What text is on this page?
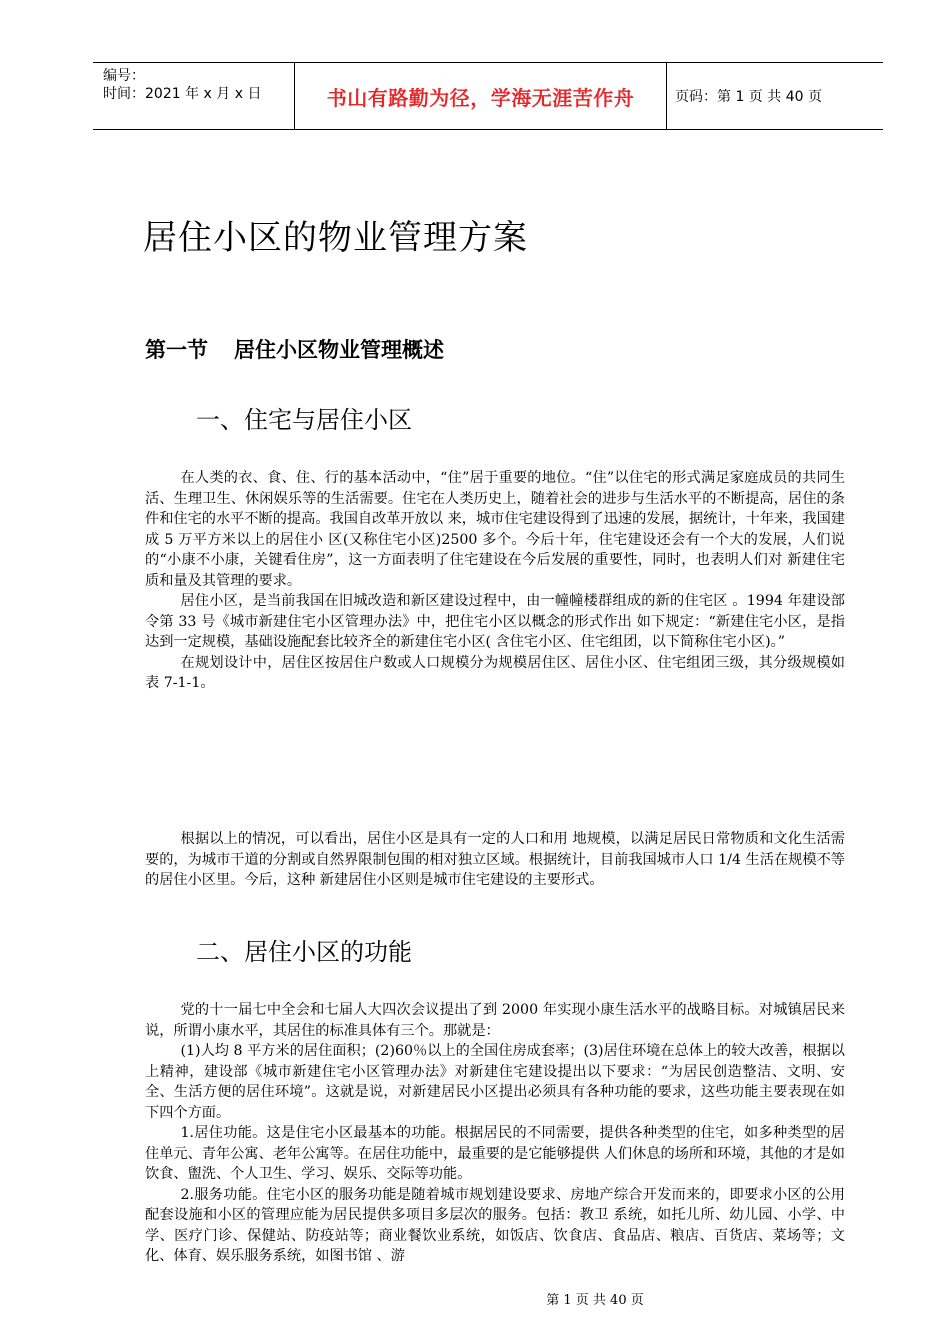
编号：
时间：2021 年 x 月 x 日	书山有路勤为径，学海无涯苦作舟	页码：第 1 页 共 40 页
居住小区的物业管理方案
第一节 居住小区物业管理概述
一、住宅与居住小区

在人类的衣、食、住、行的基本活动中，“住”居于重要的地位。“住”以住宅的形式满足家庭成员的共同生活、生理卫生、休闲娱乐等的生活需要。住宅在人类历史上，随着社会的进步与生活水平的不断提高，居住的条件和住宅的水平不断的提高。我国自改革开放以 来，城市住宅建设得到了迅速的发展，据统计，十年来，我国建成 5 万平方米以上的居住小 区(又称住宅小区)2500 多个。今后十年，住宅建设还会有一个大的发展，人们说的“小康不小康，关键看住房”，这一方面表明了住宅建设在今后发展的重要性，同时，也表明人们对 新建住宅质和量及其管理的要求。

居住小区，是当前我国在旧城改造和新区建设过程中，由一幢幢楼群组成的新的住宅区 。1994 年建设部令第 33 号《城市新建住宅小区管理办法》中，把住宅小区以概念的形式作出 如下规定：“新建住宅小区，是指达到一定规模，基础设施配套比较齐全的新建住宅小区( 含住宅小区、住宅组团，以下简称住宅小区)。”

在规划设计中，居住区按居住户数或人口规模分为规模居住区、居住小区、住宅组团三级，其分级规模如表 7-1-1。

根据以上的情况，可以看出，居住小区是具有一定的人口和用 地规模，以满足居民日常物质和文化生活需要的，为城市干道的分割或自然界限制包围的相对独立区域。根据统计，目前我国城市人口 1/4 生活在规模不等的居住小区里。今后，这种 新建居住小区则是城市住宅建设的主要形式。

二、居住小区的功能

党的十一届七中全会和七届人大四次会议提出了到 2000 年实现小康生活水平的战略目标。对城镇居民来说，所谓小康水平，其居住的标准具体有三个。那就是：

(1)人均 8 平方米的居住面积；(2)60％以上的全国住房成套率；(3)居住环境在总体上的较大改善，根据以上精神，建设部《城市新建住宅小区管理办法》对新建住宅建设提出以下要求：“为居民创造整洁、文明、安全、生活方便的居住环境”。这就是说，对新建居民小区提出必须具有各种功能的要求，这些功能主要表现在如下四个方面。

1.居住功能。这是住宅小区最基本的功能。根据居民的不同需要，提供各种类型的住宅，如多种类型的居住单元、青年公寓、老年公寓等。在居住功能中，最重要的是它能够提供 人们休息的场所和环境，其他的才是如饮食、盥洗、个人卫生、学习、娱乐、交际等功能。

2.服务功能。住宅小区的服务功能是随着城市规划建设要求、房地产综合开发而来的，即要求小区的公用配套设施和小区的管理应能为居民提供多项目多层次的服务。包括：教卫 系统，如托儿所、幼儿园、小学、中学、医疗门诊、保健站、防疫站等；商业餐饮业系统，如饭店、饮食店、食品店、粮店、百货店、菜场等；文化、体育、娱乐服务系统，如图书馆 、游

第 1 页 共 40 页
